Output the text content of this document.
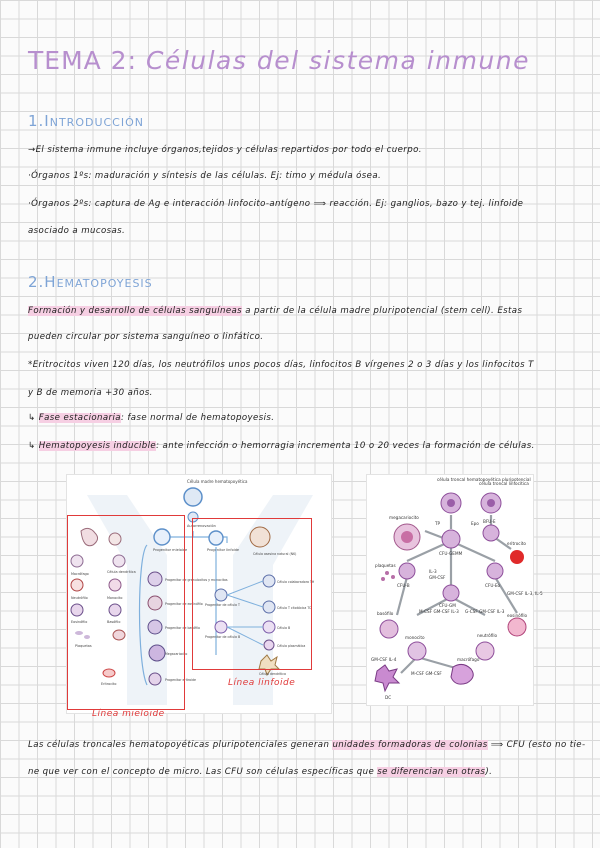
TEMA 2: Células del sistema inmune
1.Introducción
→El sistema inmune incluye órganos,tejidos y células repartidos por todo el cuerpo.
·Órganos 1ºs: maduración y síntesis de las células. Ej: timo y médula ósea.
·Órganos 2ºs: captura de Ag e interacción linfocito-antígeno ⟹ reacción. Ej: ganglios, bazo y tej. linfoide
asociado a mucosas.
2.Hematopoyesis
Formación y desarrollo de células sanguíneas a partir de la célula madre pluripotencial (stem cell). Estas
pueden circular por sistema sanguíneo o linfático.
*Eritrocitos viven 120 días, los neutrófilos unos pocos días, linfocitos B vírgenes 2 o 3 días y los linfocitos T
y B de memoria +30 años.
↳ Fase estacionaria: fase normal de hematopoyesis.
↳ Hematopoyesis inducible: ante infección o hemorragia incrementa 10 o 20 veces la formación de células.
Célula madre hematopoyética
Autorrenovación
Progenitor mieloide	Progenitor linfoide
Macrófago	Célula dendrítica
Monocito
Neutrófilo
Eosinófilo	Basófilo
Plaquetas
Eritrocito
Progenitor de granulocitos y monocitos
Progenitor de eosinófilo
Progenitor de basófilo
Megacariocito
Progenitor eritroide
Célula asesina natural (NK)
Célula colaboradora TH
Célula T citotóxica TC
Célula B
Célula plasmática
Célula dendrítica
Progenitor de célula T
Progenitor de célula B
Línea mieloide
Línea linfoide
célula troncal hematopoyética pluripotencial
célula troncal linfocítica
megacariocito
CFU-GEMM
TP	Epo BFU-E
eritrocito
plaquetas
CFU-B
IL-3
GM-CSF
CFU-Eo
GM-CSF IL-3, IL-5
CFU-GM
eosinófilo
basófilo	M-CSF GM-CSF IL-3 G-CSF GM-CSF IL-3
neutrófilo
monocito
GM-CSF IL-4
M-CSF GM-CSF
macrófago
DC
Las células troncales hematopoyéticas pluripotenciales generan unidades formadoras de colonias ⟹ CFU (esto no tie-
ne que ver con el concepto de micro. Las CFU son células específicas que se diferencian en otras).
